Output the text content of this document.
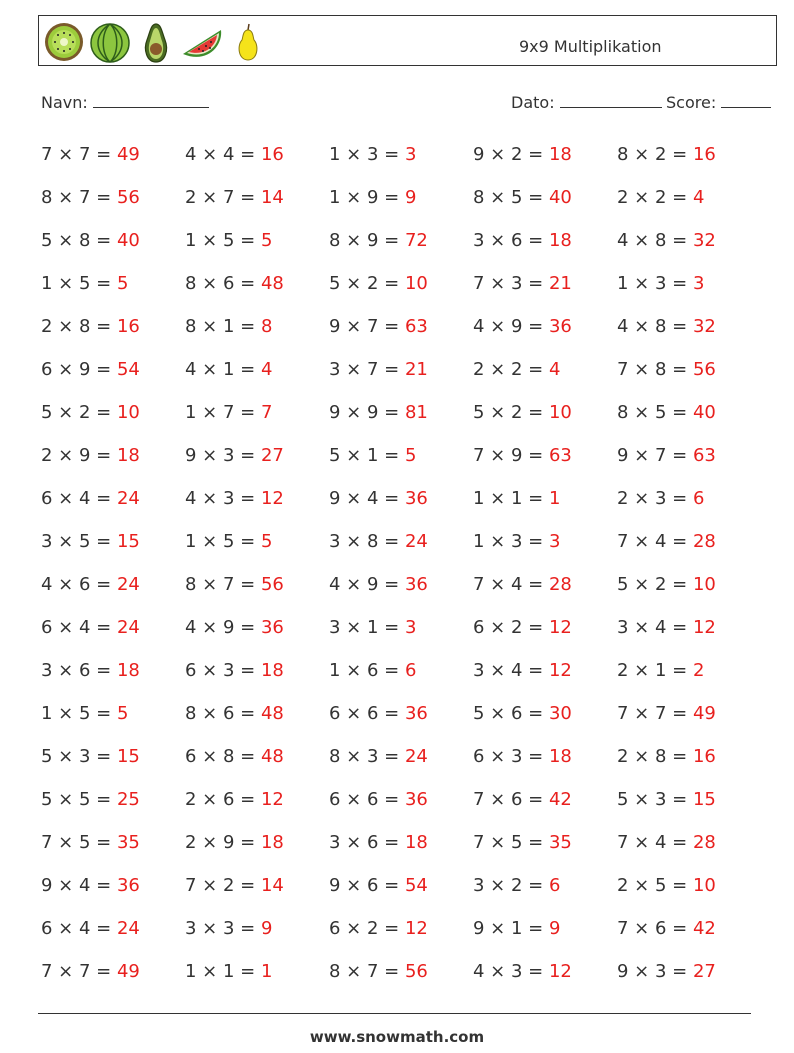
9x9 Multiplikation
Navn:	Dato:	Score:
7 × 7 = 49	4 × 4 = 16	1 × 3 = 3	9 × 2 = 18	8 × 2 = 16
8 × 7 = 56	2 × 7 = 14	1 × 9 = 9	8 × 5 = 40	2 × 2 = 4
5 × 8 = 40	1 × 5 = 5	8 × 9 = 72	3 × 6 = 18	4 × 8 = 32
1 × 5 = 5	8 × 6 = 48	5 × 2 = 10	7 × 3 = 21	1 × 3 = 3
2 × 8 = 16	8 × 1 = 8	9 × 7 = 63	4 × 9 = 36	4 × 8 = 32
6 × 9 = 54	4 × 1 = 4	3 × 7 = 21	2 × 2 = 4	7 × 8 = 56
5 × 2 = 10	1 × 7 = 7	9 × 9 = 81	5 × 2 = 10	8 × 5 = 40
2 × 9 = 18	9 × 3 = 27	5 × 1 = 5	7 × 9 = 63	9 × 7 = 63
6 × 4 = 24	4 × 3 = 12	9 × 4 = 36	1 × 1 = 1	2 × 3 = 6
3 × 5 = 15	1 × 5 = 5	3 × 8 = 24	1 × 3 = 3	7 × 4 = 28
4 × 6 = 24	8 × 7 = 56	4 × 9 = 36	7 × 4 = 28	5 × 2 = 10
6 × 4 = 24	4 × 9 = 36	3 × 1 = 3	6 × 2 = 12	3 × 4 = 12
3 × 6 = 18	6 × 3 = 18	1 × 6 = 6	3 × 4 = 12	2 × 1 = 2
1 × 5 = 5	8 × 6 = 48	6 × 6 = 36	5 × 6 = 30	7 × 7 = 49
5 × 3 = 15	6 × 8 = 48	8 × 3 = 24	6 × 3 = 18	2 × 8 = 16
5 × 5 = 25	2 × 6 = 12	6 × 6 = 36	7 × 6 = 42	5 × 3 = 15
7 × 5 = 35	2 × 9 = 18	3 × 6 = 18	7 × 5 = 35	7 × 4 = 28
9 × 4 = 36	7 × 2 = 14	9 × 6 = 54	3 × 2 = 6	2 × 5 = 10
6 × 4 = 24	3 × 3 = 9	6 × 2 = 12	9 × 1 = 9	7 × 6 = 42
7 × 7 = 49	1 × 1 = 1	8 × 7 = 56	4 × 3 = 12	9 × 3 = 27
www.snowmath.com
